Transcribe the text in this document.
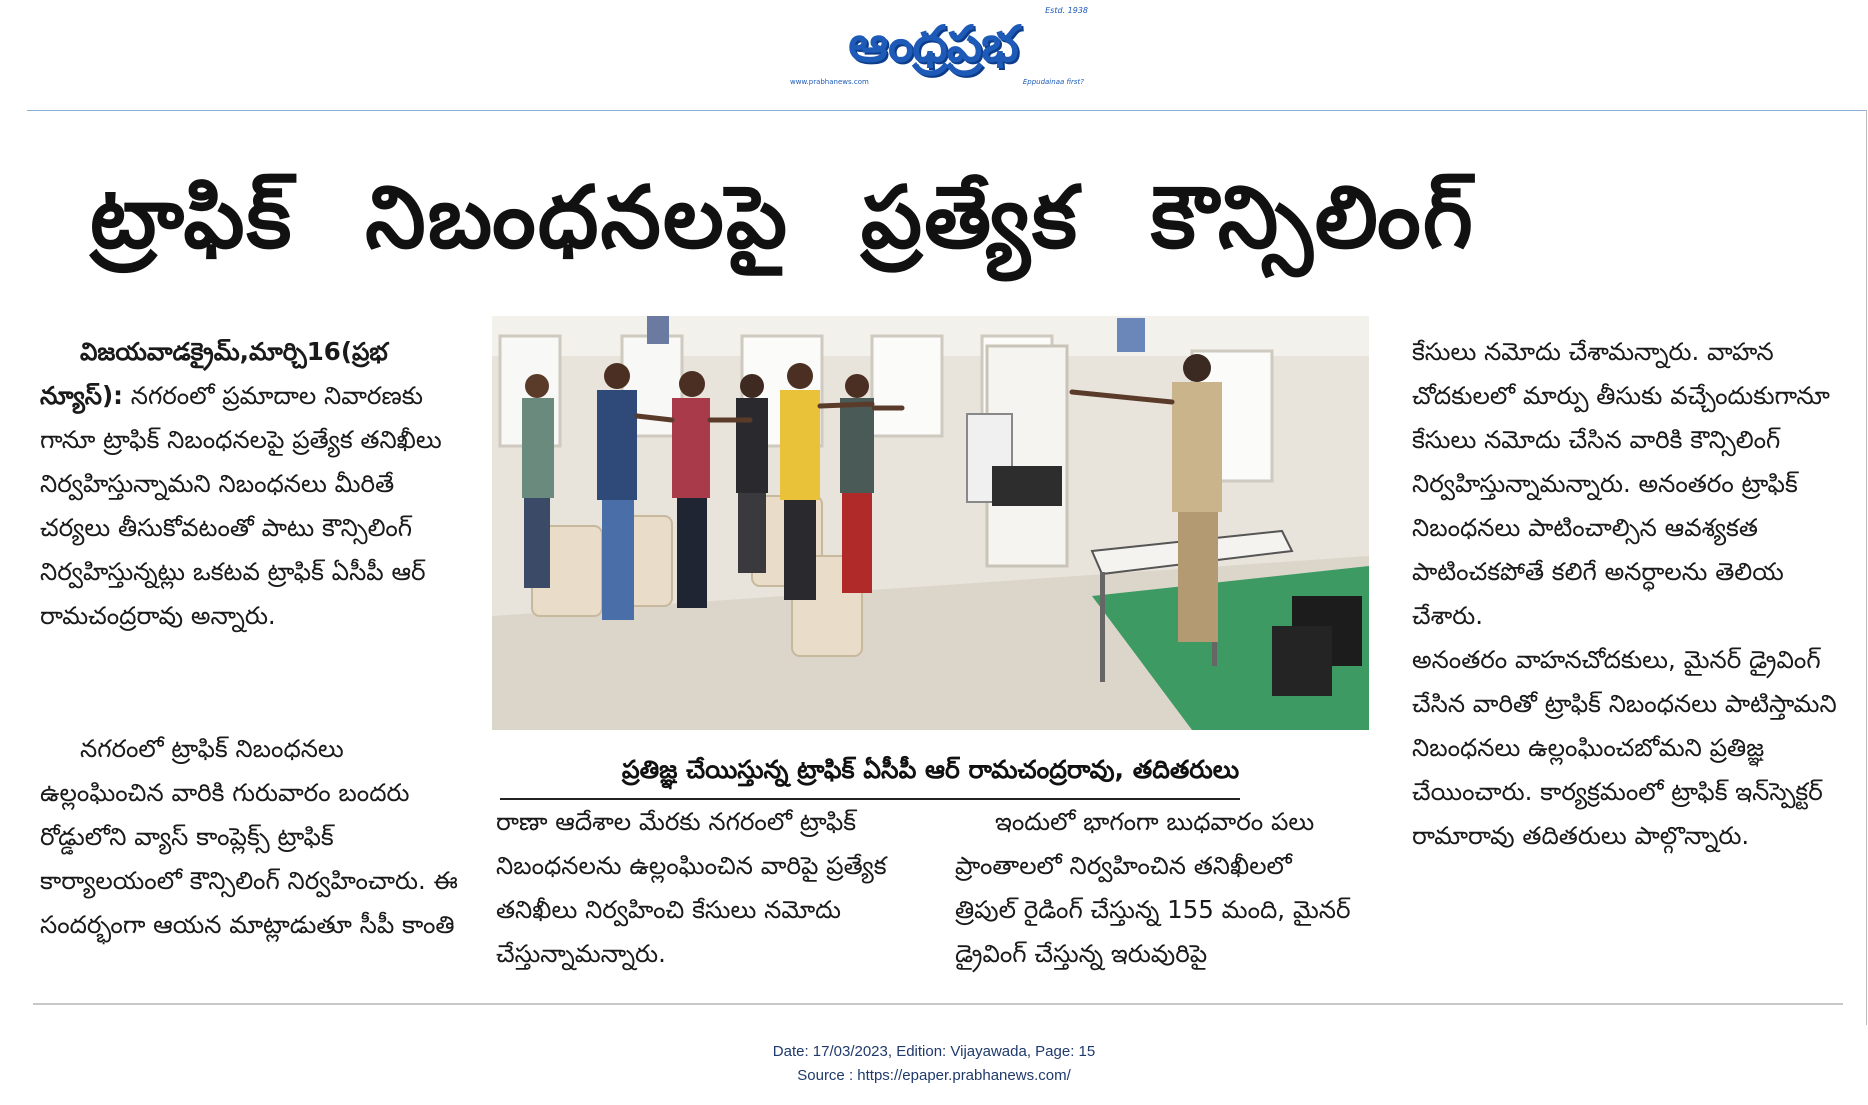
ఆంధ్రప్రభ
Estd. 1938
www.prabhanews.com	Eppudainaa first?
ట్రాఫిక్ నిబంధనలపై ప్రత్యేక కౌన్సిలింగ్

విజయవాడక్రైమ్,మార్చి16(ప్రభ న్యూస్): నగరంలో ప్రమాదాల నివారణకు గానూ ట్రాఫిక్ నిబంధనలపై ప్రత్యేక తనిఖీలు నిర్వహిస్తున్నామని నిబంధనలు మీరితే చర్యలు తీసుకోవటంతో పాటు కౌన్సిలింగ్ నిర్వహిస్తున్నట్లు ఒకటవ ట్రాఫిక్ ఏసీపీ ఆర్ రామచంద్రరావు అన్నారు.

నగరంలో ట్రాఫిక్ నిబంధనలు ఉల్లంఘించిన వారికి గురువారం బందరు రోడ్డులోని వ్యాస్ కాంప్లెక్స్ ట్రాఫిక్ కార్యాలయంలో కౌన్సిలింగ్ నిర్వహించారు. ఈ సందర్భంగా ఆయన మాట్లాడుతూ సీపీ కాంతి

ప్రతిజ్ఞ చేయిస్తున్న ట్రాఫిక్ ఏసీపీ ఆర్ రామచంద్రరావు, తదితరులు

రాణా ఆదేశాల మేరకు నగరంలో ట్రాఫిక్ నిబంధనలను ఉల్లంఘించిన వారిపై ప్రత్యేక తనిఖీలు నిర్వహించి కేసులు నమోదు చేస్తున్నామన్నారు.

ఇందులో భాగంగా బుధవారం పలు ప్రాంతాలలో నిర్వహించిన తనిఖీలలో త్రిపుల్ రైడింగ్ చేస్తున్న 155 మంది, మైనర్ డ్రైవింగ్ చేస్తున్న ఇరువురిపై

కేసులు నమోదు చేశామన్నారు. వాహన చోదకులలో మార్పు తీసుకు వచ్చేందుకుగానూ కేసులు నమోదు చేసిన వారికి కౌన్సిలింగ్ నిర్వహిస్తున్నామన్నారు. అనంతరం ట్రాఫిక్ నిబంధనలు పాటించాల్సిన ఆవశ్యకత పాటించకపోతే కలిగే అనర్ధాలను తెలియ చేశారు.

అనంతరం వాహనచోదకులు, మైనర్ డ్రైవింగ్ చేసిన వారితో ట్రాఫిక్ నిబంధనలు పాటిస్తామని నిబంధనలు ఉల్లంఘించబోమని ప్రతిజ్ఞ చేయించారు. కార్యక్రమంలో ట్రాఫిక్ ఇన్‌స్పెక్టర్ రామారావు తదితరులు పాల్గొన్నారు.

Date: 17/03/2023, Edition: Vijayawada, Page: 15
Source : https://epaper.prabhanews.com/
